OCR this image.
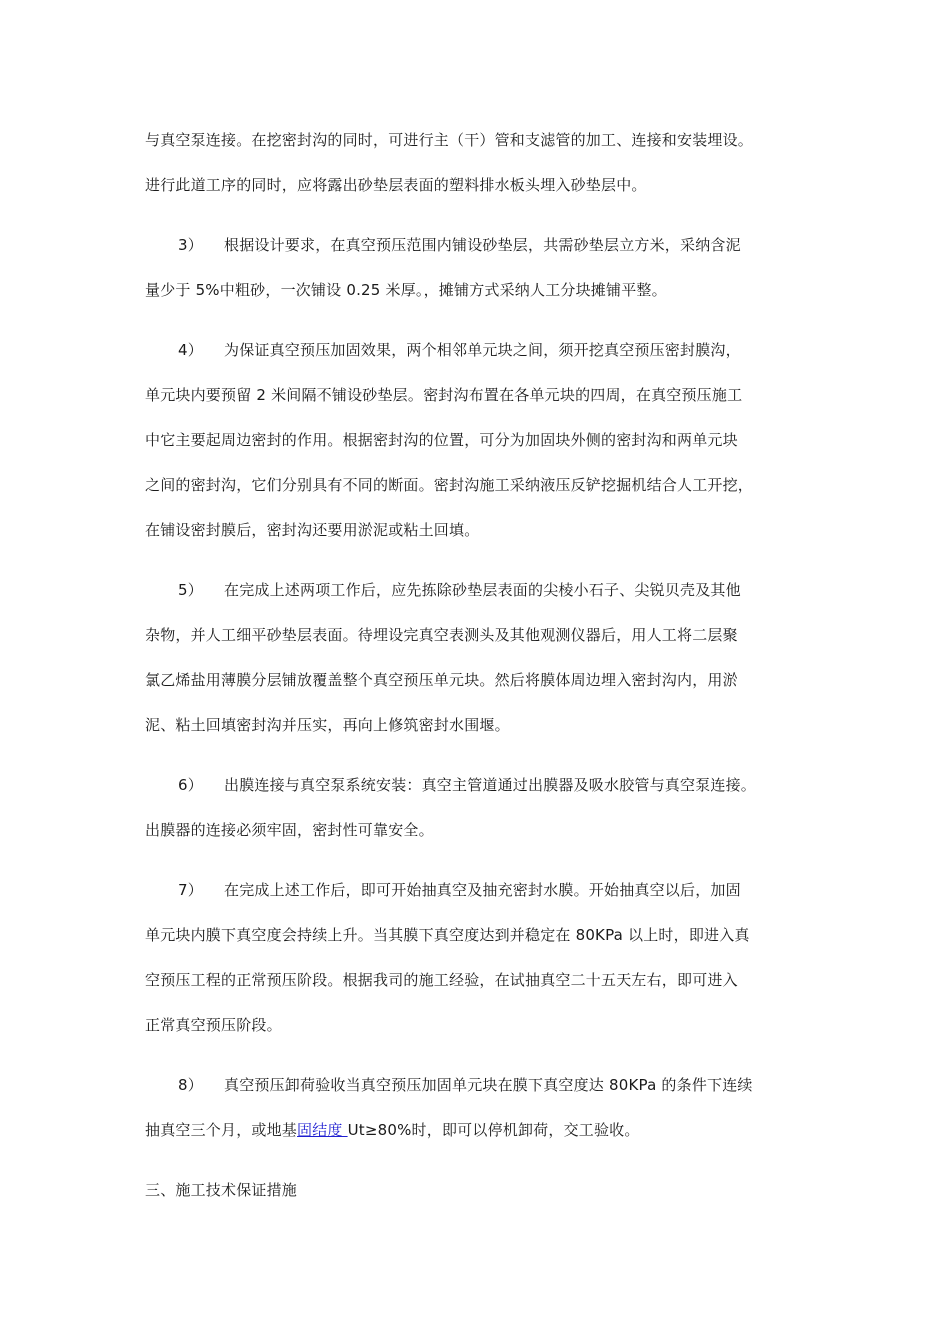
与真空泵连接。在挖密封沟的同时，可进行主（干）管和支滤管的加工、连接和安装埋设。
进行此道工序的同时，应将露出砂垫层表面的塑料排水板头埋入砂垫层中。
3） 根据设计要求，在真空预压范围内铺设砂垫层，共需砂垫层立方米，采纳含泥
量少于 5%中粗砂，一次铺设 0.25 米厚。，摊铺方式采纳人工分块摊铺平整。
4） 为保证真空预压加固效果，两个相邻单元块之间，须开挖真空预压密封膜沟，
单元块内要预留 2 米间隔不铺设砂垫层。密封沟布置在各单元块的四周，在真空预压施工
中它主要起周边密封的作用。根据密封沟的位置，可分为加固块外侧的密封沟和两单元块
之间的密封沟，它们分别具有不同的断面。密封沟施工采纳液压反铲挖掘机结合人工开挖，
在铺设密封膜后，密封沟还要用淤泥或粘土回填。
5） 在完成上述两项工作后，应先拣除砂垫层表面的尖棱小石子、尖锐贝壳及其他
杂物，并人工细平砂垫层表面。待埋设完真空表测头及其他观测仪器后，用人工将二层聚
氯乙烯盐用薄膜分层铺放覆盖整个真空预压单元块。然后将膜体周边埋入密封沟内，用淤
泥、粘土回填密封沟并压实，再向上修筑密封水围堰。
6） 出膜连接与真空泵系统安装：真空主管道通过出膜器及吸水胶管与真空泵连接。
出膜器的连接必须牢固，密封性可靠安全。
7） 在完成上述工作后，即可开始抽真空及抽充密封水膜。开始抽真空以后，加固
单元块内膜下真空度会持续上升。当其膜下真空度达到并稳定在 80KPa 以上时，即进入真
空预压工程的正常预压阶段。根据我司的施工经验，在试抽真空二十五天左右，即可进入
正常真空预压阶段。
8） 真空预压卸荷验收当真空预压加固单元块在膜下真空度达 80KPa 的条件下连续
抽真空三个月，或地基固结度 Ut≥80%时，即可以停机卸荷，交工验收。
三、施工技术保证措施
